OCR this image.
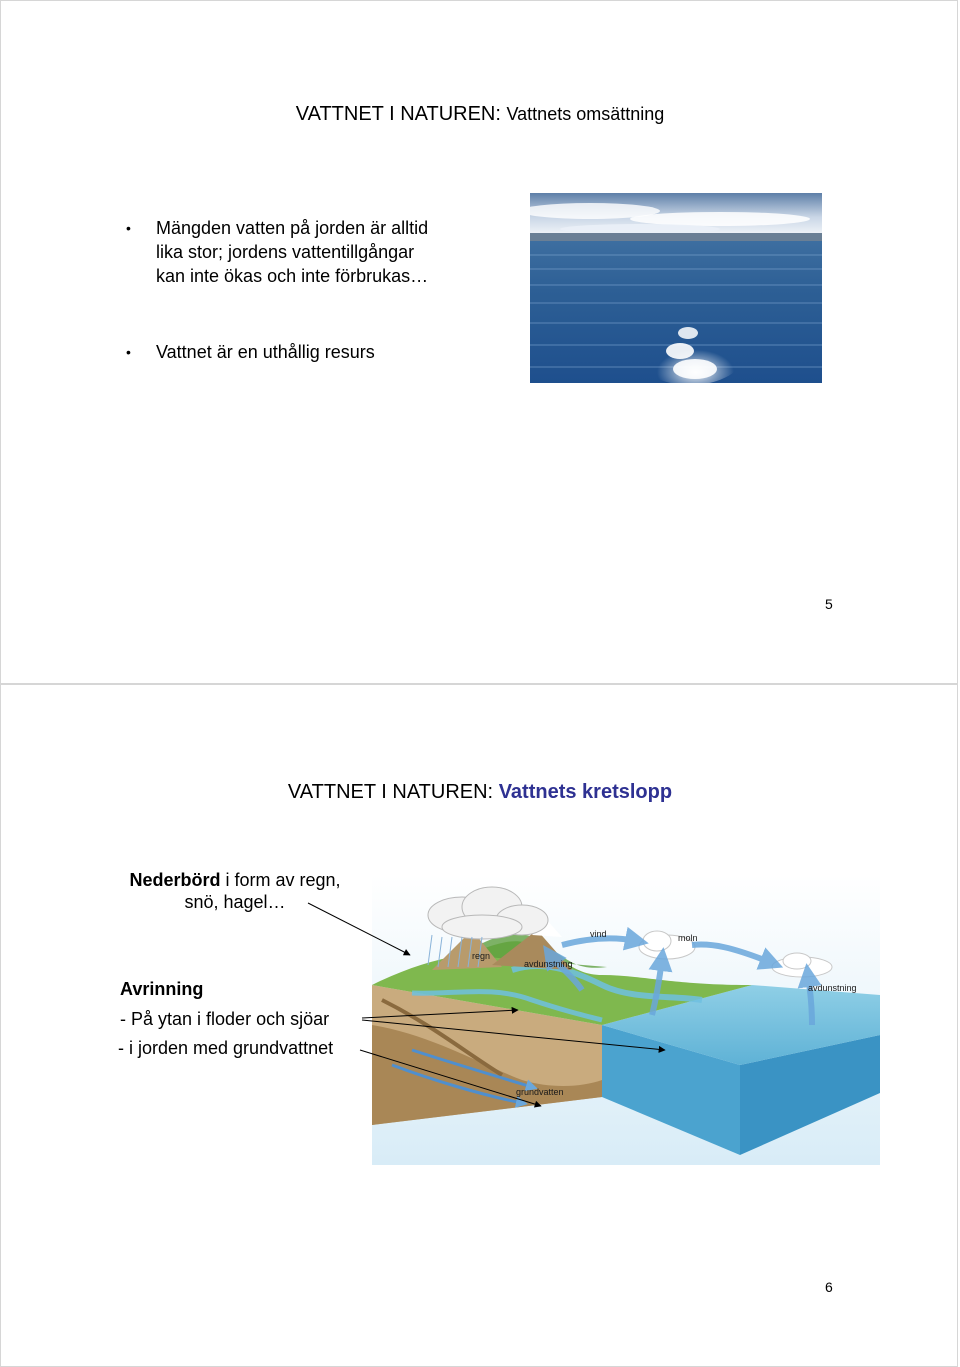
VATTNET I NATUREN: Vattnets omsättning
• Mängden vatten på jorden är alltid
lika stor; jordens vattentillgångar
kan inte ökas och inte förbrukas…
• Vattnet är en uthållig resurs
5
VATTNET I NATUREN: Vattnets kretslopp
Nederbörd i form av regn,
snö, hagel…
Avrinning
- På ytan i floder och sjöar
- i jorden med grundvattnet
regn
vind	moln
avdunstning
avdunstning
grundvatten
6
